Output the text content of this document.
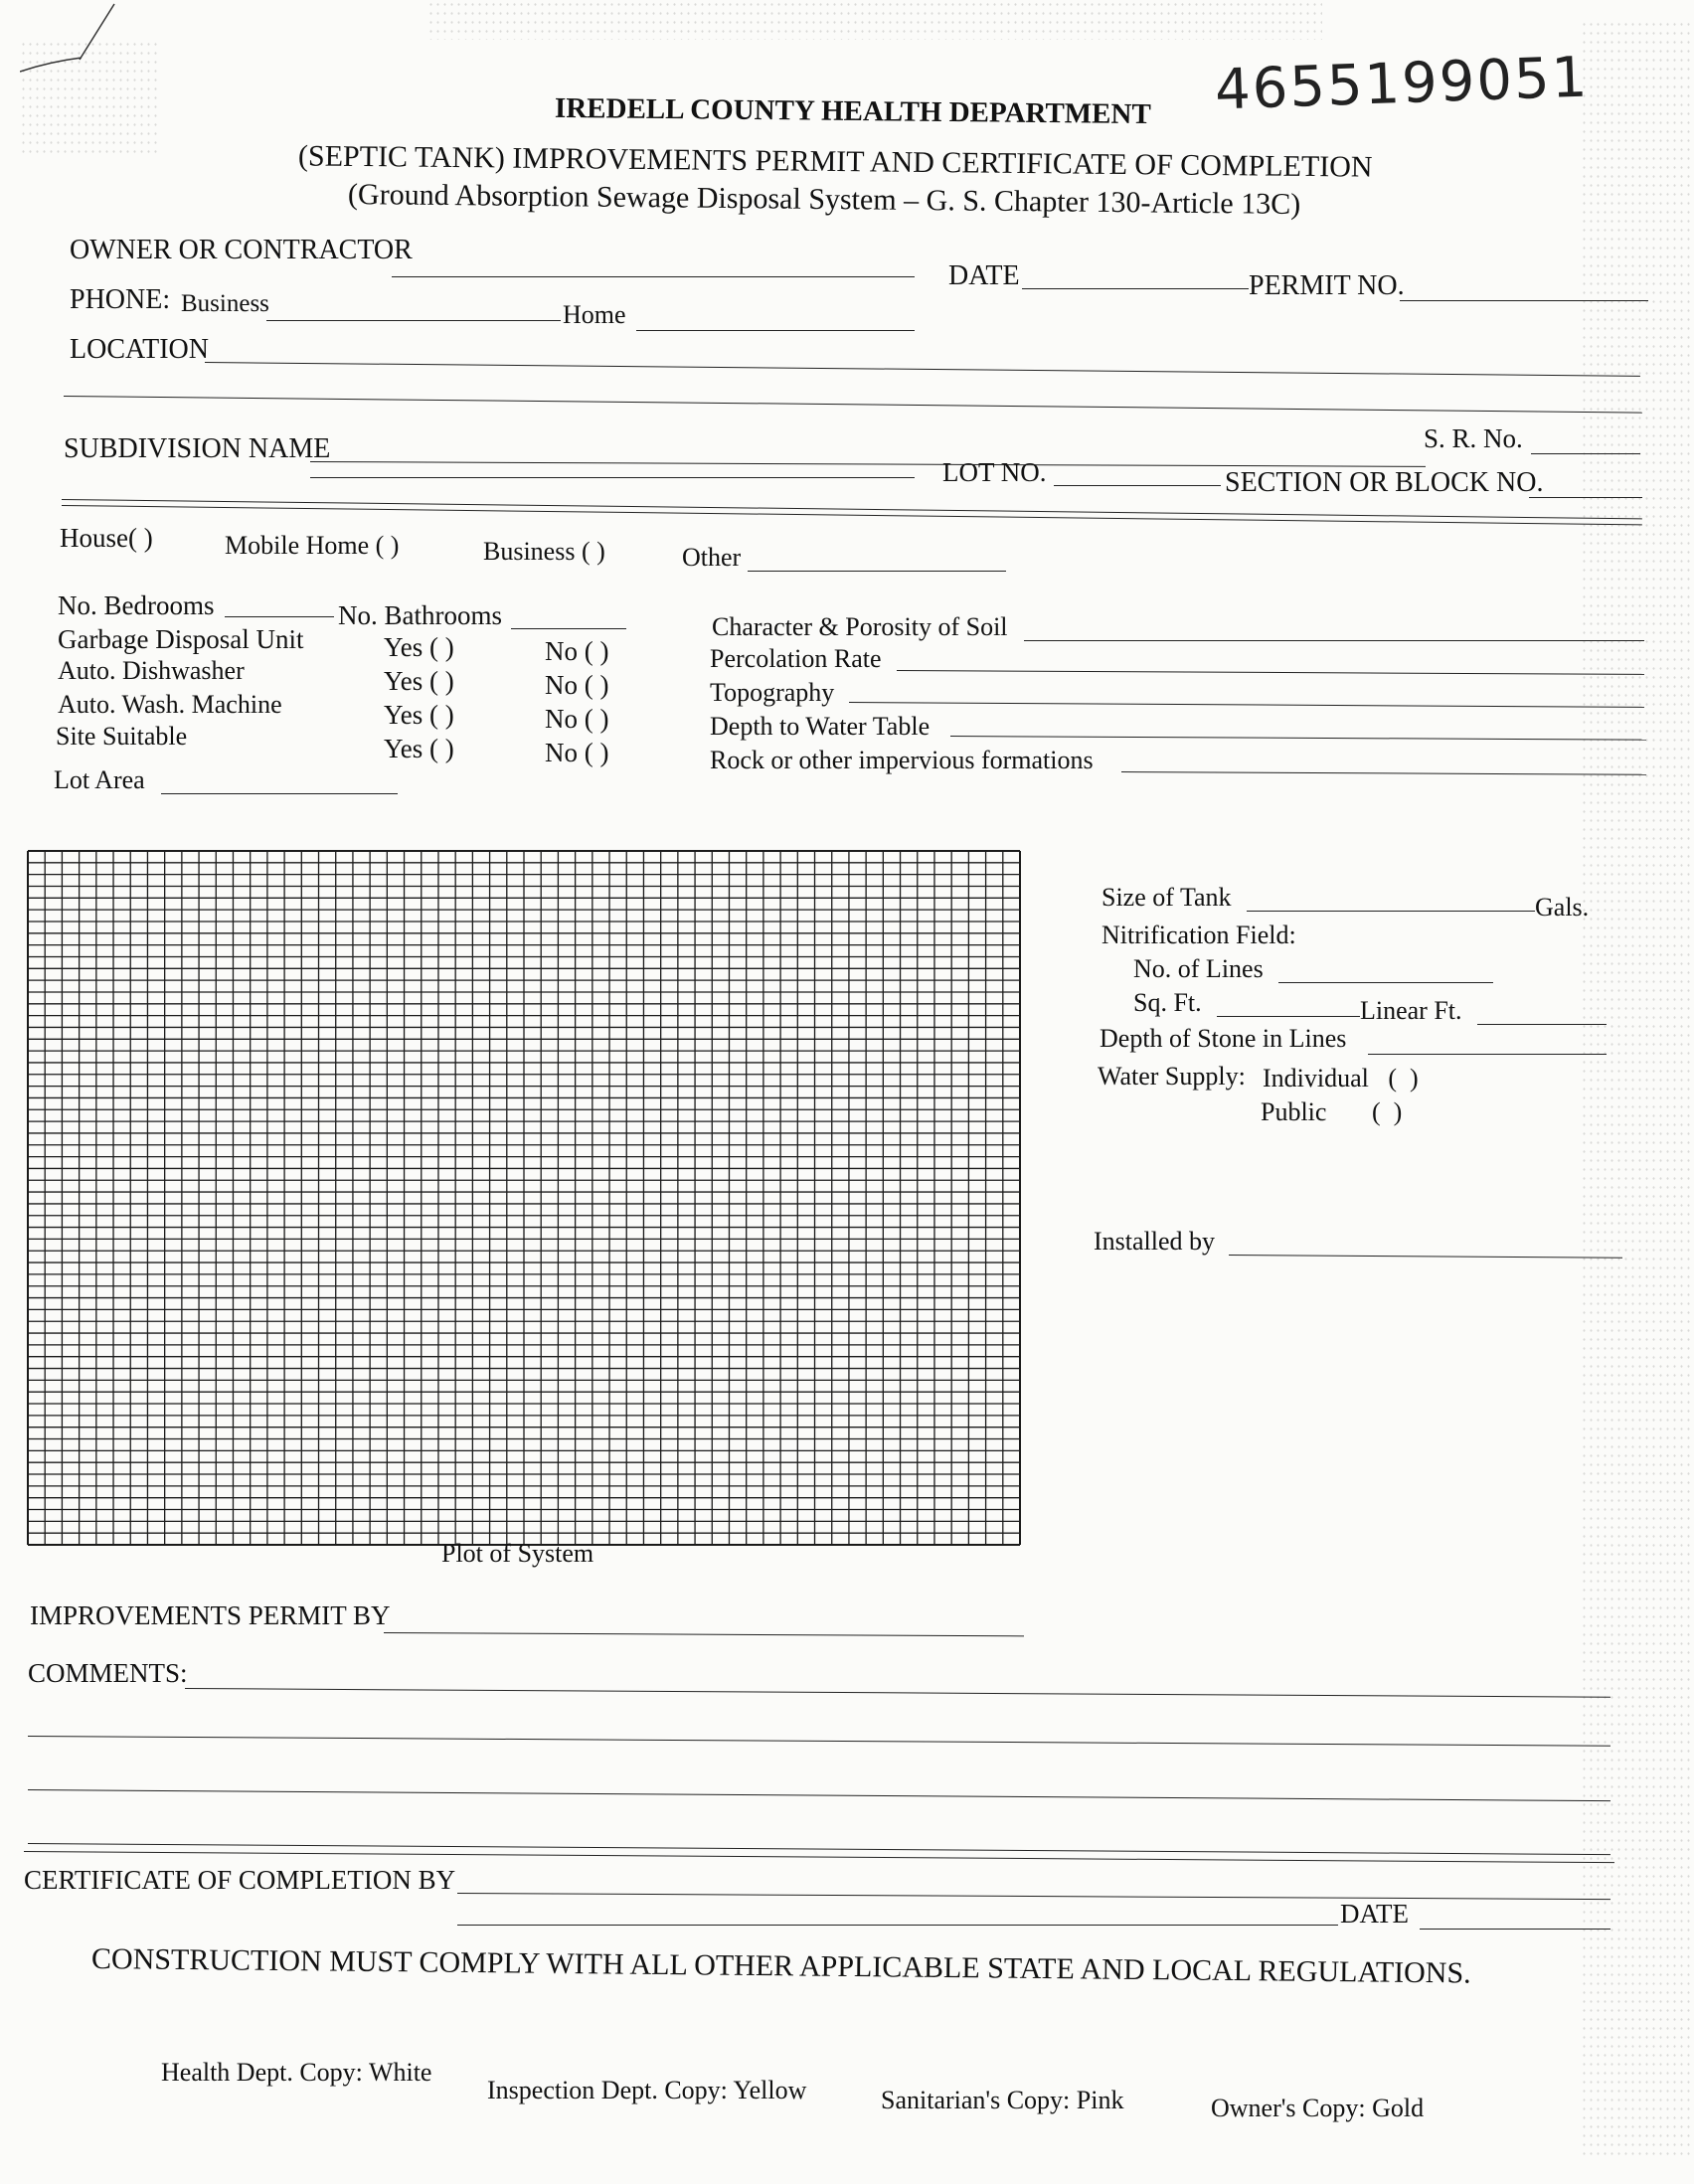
4655199051
IREDELL COUNTY HEALTH DEPARTMENT
(SEPTIC TANK) IMPROVEMENTS PERMIT AND CERTIFICATE OF COMPLETION
(Ground Absorption Sewage Disposal System – G. S. Chapter 130-Article 13C)
OWNER OR CONTRACTOR
DATE	PERMIT NO.
PHONE: Business	Home
LOCATION
SUBDIVISION NAME	S. R. No.
LOT NO.	SECTION OR BLOCK NO.
House( )	Mobile Home ( )	Business ( )	Other
No. Bedrooms	No. Bathrooms
Garbage Disposal Unit	Yes ( )	No ( )
Auto. Dishwasher	Yes ( )	No ( )
Auto. Wash. Machine	Yes ( )	No ( )
Site Suitable	Yes ( )	No ( )
Lot Area
Character & Porosity of Soil
Percolation Rate
Topography
Depth to Water Table
Rock or other impervious formations
Plot of System
Size of Tank	Gals.
Nitrification Field:
No. of Lines
Sq. Ft.	Linear Ft.
Depth of Stone in Lines
Water Supply: Individual   (  )
Public       (  )
Installed by
IMPROVEMENTS PERMIT BY
COMMENTS:
CERTIFICATE OF COMPLETION BY
DATE
CONSTRUCTION MUST COMPLY WITH ALL OTHER APPLICABLE STATE AND LOCAL REGULATIONS.
Health Dept. Copy: White
Inspection Dept. Copy: Yellow	Sanitarian's Copy: Pink	Owner's Copy: Gold
